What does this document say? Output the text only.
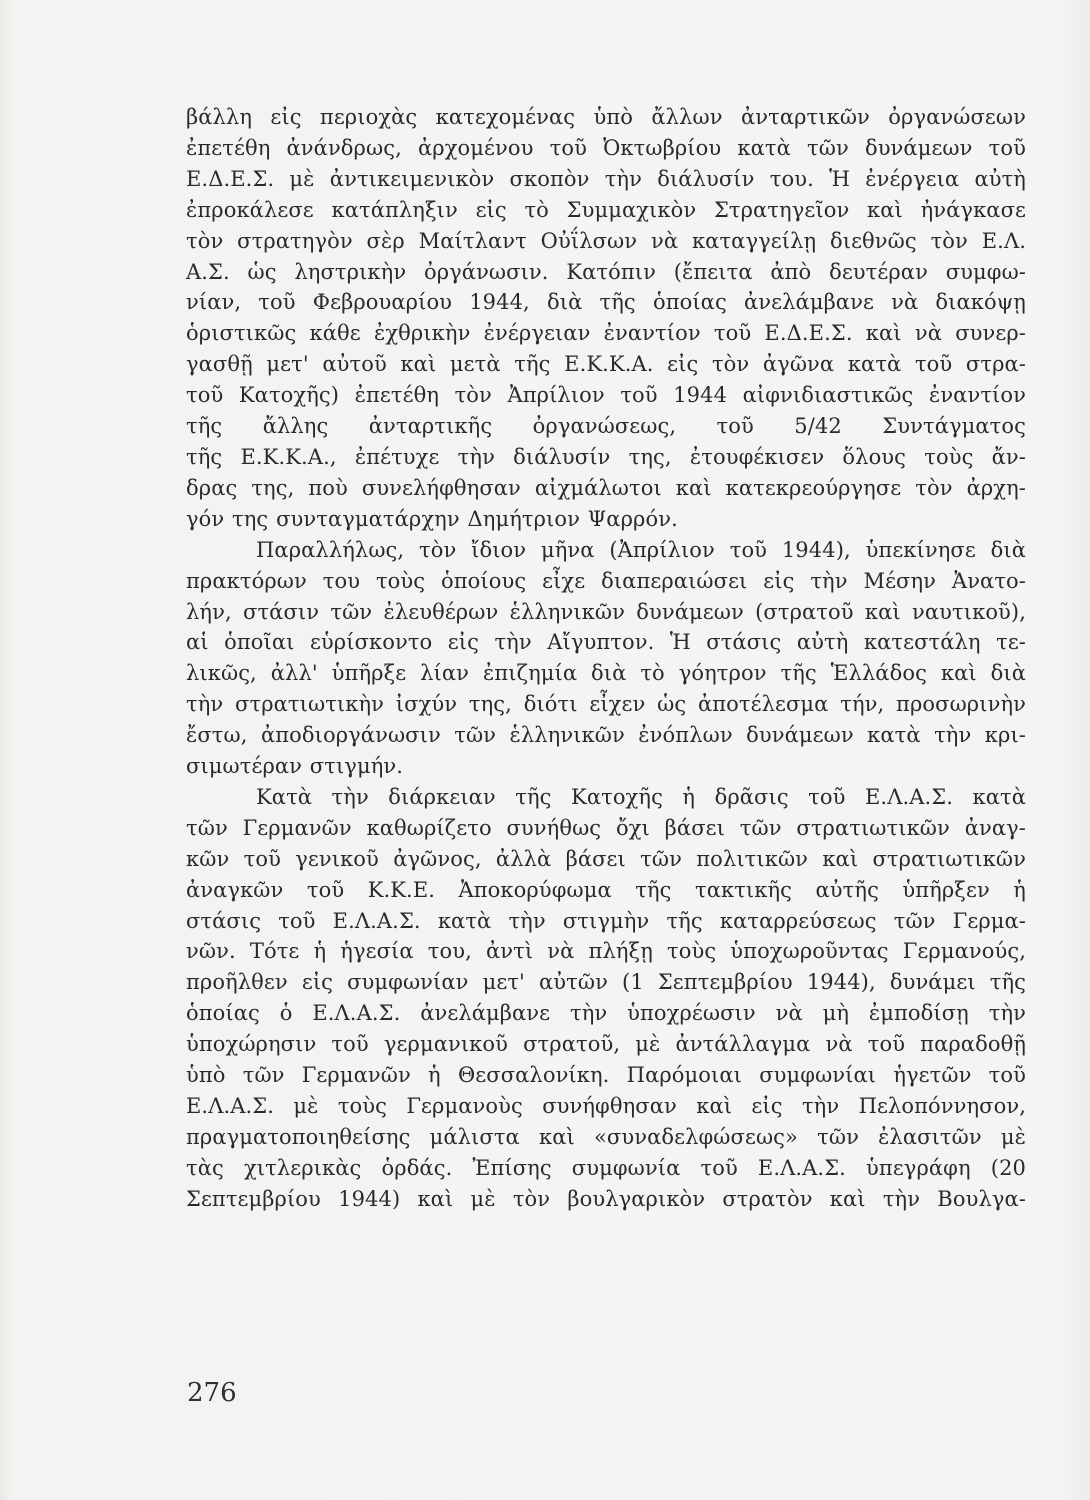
βάλλη εἰς περιοχὰς κατεχομένας ὑπὸ ἄλλων ἀνταρτικῶν ὀργανώσεων
ἐπετέθη ἀνάνδρως, ἀρχομένου τοῦ Ὀκτωβρίου κατὰ τῶν δυνάμεων τοῦ
Ε.Δ.Ε.Σ. μὲ ἀντικειμενικὸν σκοπὸν τὴν διάλυσίν του. Ἡ ἐνέργεια αὐτὴ
ἐπροκάλεσε κατάπληξιν εἰς τὸ Συμμαχικὸν Στρατηγεῖον καὶ ἠνάγκασε
τὸν στρατηγὸν σὲρ Μαίτλαντ Οὐΐλσων νὰ καταγγείλῃ διεθνῶς τὸν Ε.Λ.
Α.Σ. ὡς ληστρικὴν ὀργάνωσιν. Κατόπιν (ἔπειτα ἀπὸ δευτέραν συμφω-
νίαν, τοῦ Φεβρουαρίου 1944, διὰ τῆς ὁποίας ἀνελάμβανε νὰ διακόψῃ
ὁριστικῶς κάθε ἐχθρικὴν ἐνέργειαν ἐναντίον τοῦ Ε.Δ.Ε.Σ. καὶ νὰ συνερ-
γασθῇ μετ' αὐτοῦ καὶ μετὰ τῆς Ε.Κ.Κ.Α. εἰς τὸν ἀγῶνα κατὰ τοῦ στρα-
τοῦ Κατοχῆς) ἐπετέθη τὸν Ἀπρίλιον τοῦ 1944 αἰφνιδιαστικῶς ἐναντίον
τῆς ἄλλης ἀνταρτικῆς ὀργανώσεως, τοῦ 5/42 Συντάγματος
τῆς Ε.Κ.Κ.Α., ἐπέτυχε τὴν διάλυσίν της, ἐτουφέκισεν ὅλους τοὺς ἄν-
δρας της, ποὺ συνελήφθησαν αἰχμάλωτοι καὶ κατεκρεούργησε τὸν ἀρχη-
γόν της συνταγματάρχην Δημήτριον Ψαρρόν.

Παραλλήλως, τὸν ἴδιον μῆνα (Ἀπρίλιον τοῦ 1944), ὑπεκίνησε διὰ
πρακτόρων του τοὺς ὁποίους εἶχε διαπεραιώσει εἰς τὴν Μέσην Ἀνατο-
λήν, στάσιν τῶν ἐλευθέρων ἑλληνικῶν δυνάμεων (στρατοῦ καὶ ναυτικοῦ),
αἱ ὁποῖαι εὑρίσκοντο εἰς τὴν Αἴγυπτον. Ἡ στάσις αὐτὴ κατεστάλη τε-
λικῶς, ἀλλ' ὑπῆρξε λίαν ἐπιζημία διὰ τὸ γόητρον τῆς Ἑλλάδος καὶ διὰ
τὴν στρατιωτικὴν ἰσχύν της, διότι εἶχεν ὡς ἀποτέλεσμα τήν, προσωρινὴν
ἔστω, ἀποδιοργάνωσιν τῶν ἑλληνικῶν ἐνόπλων δυνάμεων κατὰ τὴν κρι-
σιμωτέραν στιγμήν.

Κατὰ τὴν διάρκειαν τῆς Κατοχῆς ἡ δρᾶσις τοῦ Ε.Λ.Α.Σ. κατὰ
τῶν Γερμανῶν καθωρίζετο συνήθως ὄχι βάσει τῶν στρατιωτικῶν ἀναγ-
κῶν τοῦ γενικοῦ ἀγῶνος, ἀλλὰ βάσει τῶν πολιτικῶν καὶ στρατιωτικῶν
ἀναγκῶν τοῦ Κ.Κ.Ε. Ἀποκορύφωμα τῆς τακτικῆς αὐτῆς ὑπῆρξεν ἡ
στάσις τοῦ Ε.Λ.Α.Σ. κατὰ τὴν στιγμὴν τῆς καταρρεύσεως τῶν Γερμα-
νῶν. Τότε ἡ ἡγεσία του, ἀντὶ νὰ πλήξῃ τοὺς ὑποχωροῦντας Γερμανούς,
προῆλθεν εἰς συμφωνίαν μετ' αὐτῶν (1 Σεπτεμβρίου 1944), δυνάμει τῆς
ὁποίας ὁ Ε.Λ.Α.Σ. ἀνελάμβανε τὴν ὑποχρέωσιν νὰ μὴ ἐμποδίσῃ τὴν
ὑποχώρησιν τοῦ γερμανικοῦ στρατοῦ, μὲ ἀντάλλαγμα νὰ τοῦ παραδοθῇ
ὑπὸ τῶν Γερμανῶν ἡ Θεσσαλονίκη. Παρόμοιαι συμφωνίαι ἡγετῶν τοῦ
Ε.Λ.Α.Σ. μὲ τοὺς Γερμανοὺς συνήφθησαν καὶ εἰς τὴν Πελοπόννησον,
πραγματοποιηθείσης μάλιστα καὶ «συναδελφώσεως» τῶν ἐλασιτῶν μὲ
τὰς χιτλερικὰς ὁρδάς. Ἐπίσης συμφωνία τοῦ Ε.Λ.Α.Σ. ὑπεγράφη (20
Σεπτεμβρίου 1944) καὶ μὲ τὸν βουλγαρικὸν στρατὸν καὶ τὴν Βουλγα-

276
